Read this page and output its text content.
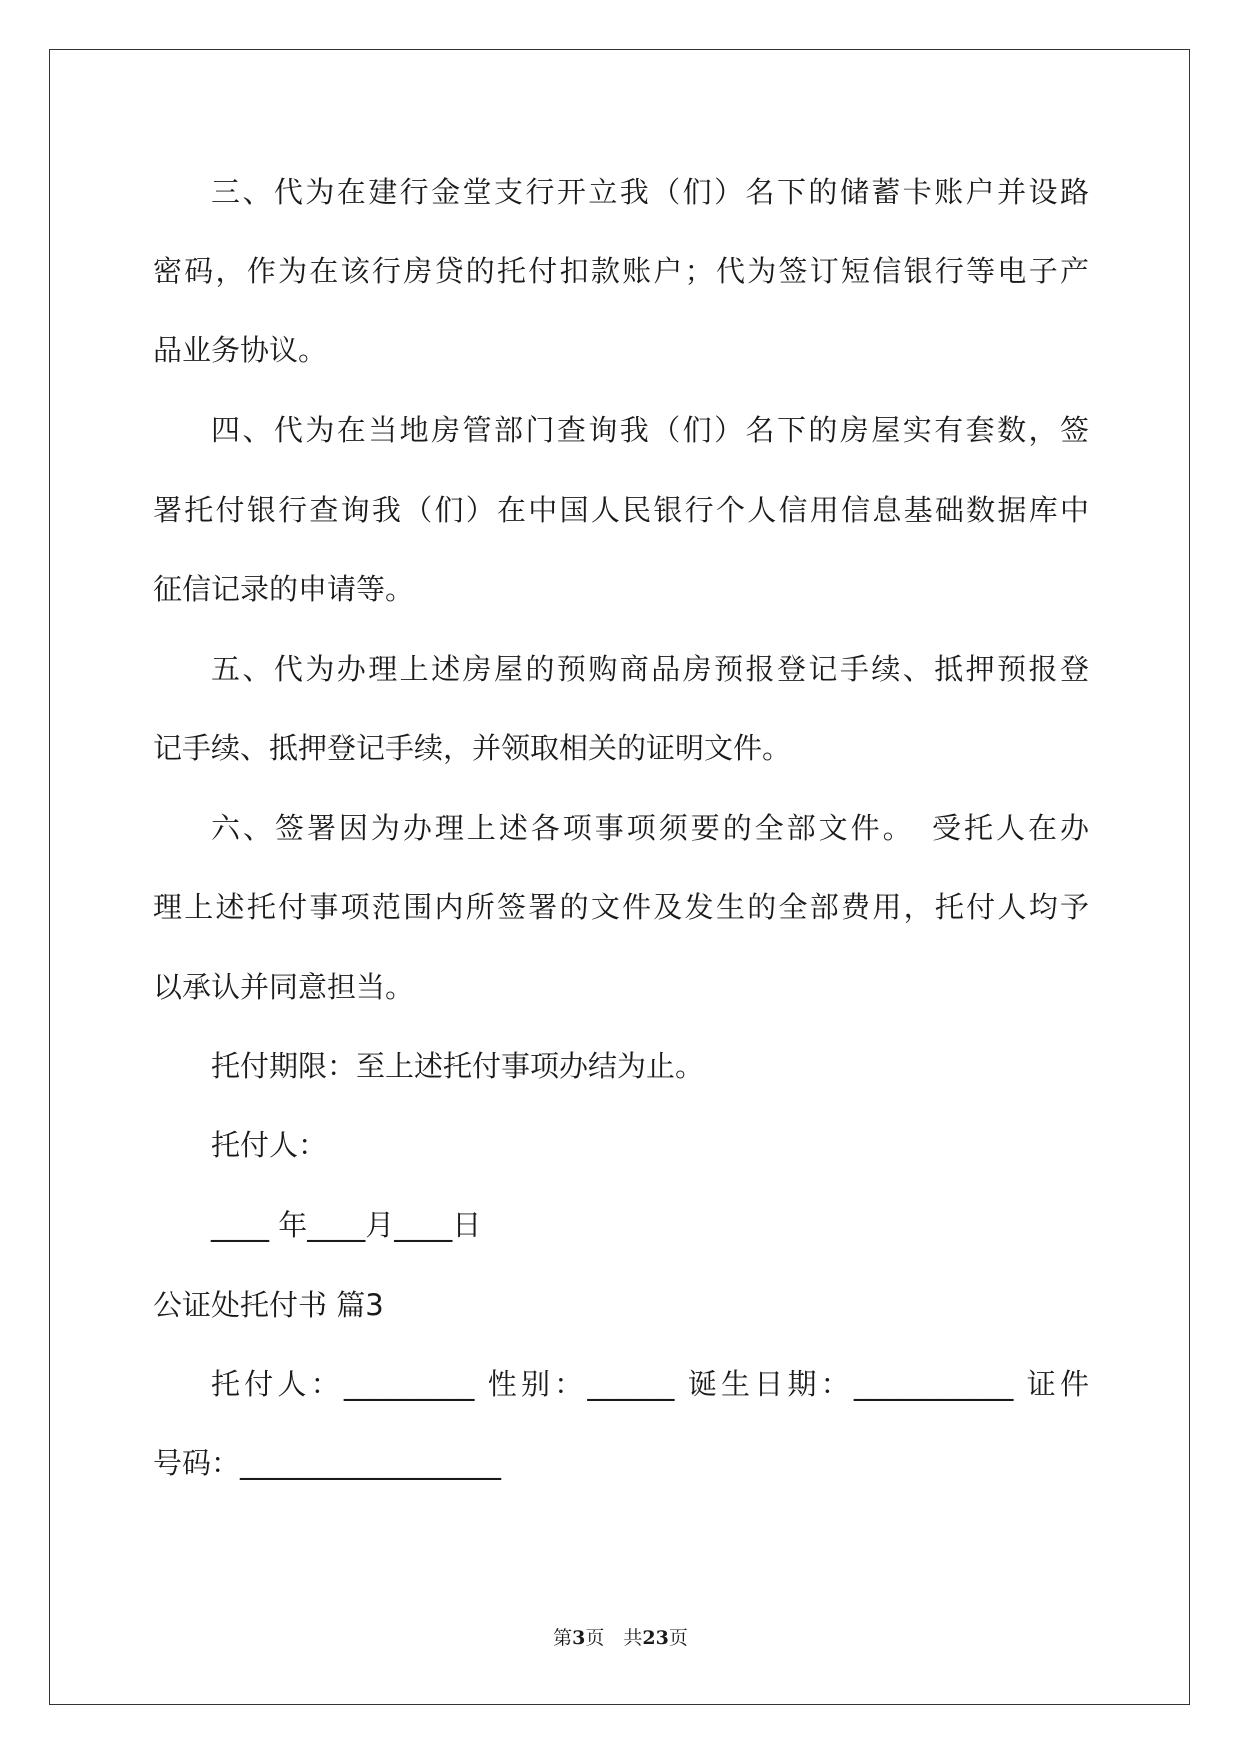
三、代为在建行金堂支行开立我（们）名下的储蓄卡账户并设路
密码，作为在该行房贷的托付扣款账户；代为签订短信银行等电子产
品业务协议。
四、代为在当地房管部门查询我（们）名下的房屋实有套数，签
署托付银行查询我（们）在中国人民银行个人信用信息基础数据库中
征信记录的申请等。
五、代为办理上述房屋的预购商品房预报登记手续、抵押预报登
记手续、抵押登记手续，并领取相关的证明文件。
六、签署因为办理上述各项事项须要的全部文件。　受托人在办
理上述托付事项范围内所签署的文件及发生的全部费用，托付人均予
以承认并同意担当。
托付期限：至上述托付事项办结为止。
托付人：
____ 年____月____日
公证处托付书 篇3
托付人：_________ 性别：______ 诞生日期：___________ 证件
号码：__________________
第3页　共23页
